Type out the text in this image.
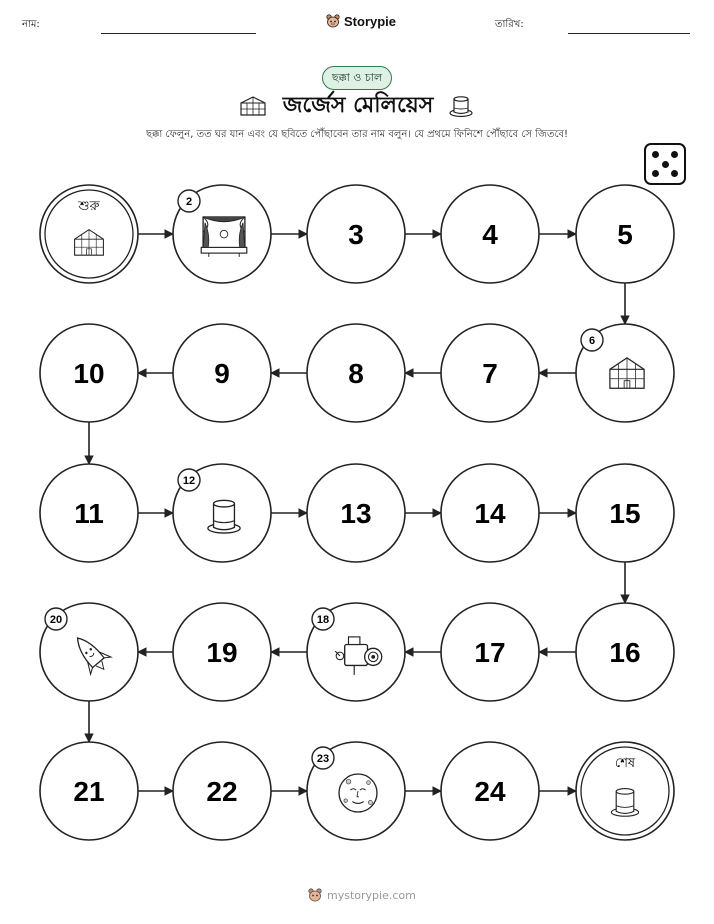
নাম:	Storypie	তারিখ:
ছক্কা ও চাল
জর্জেস মেলিয়েস
ছক্কা ফেলুন, তত ঘর যান এবং যে ছবিতে পৌঁছাবেন তার নাম বলুন। যে প্রথমে ফিনিশে পৌঁছাবে সে জিতবে!
শুরু	2
3	4	5
6
7
8
9
10
11
12
13	14	15
16
17
18
19
20
21	22
23
24
শেষ
mystorypie.com
